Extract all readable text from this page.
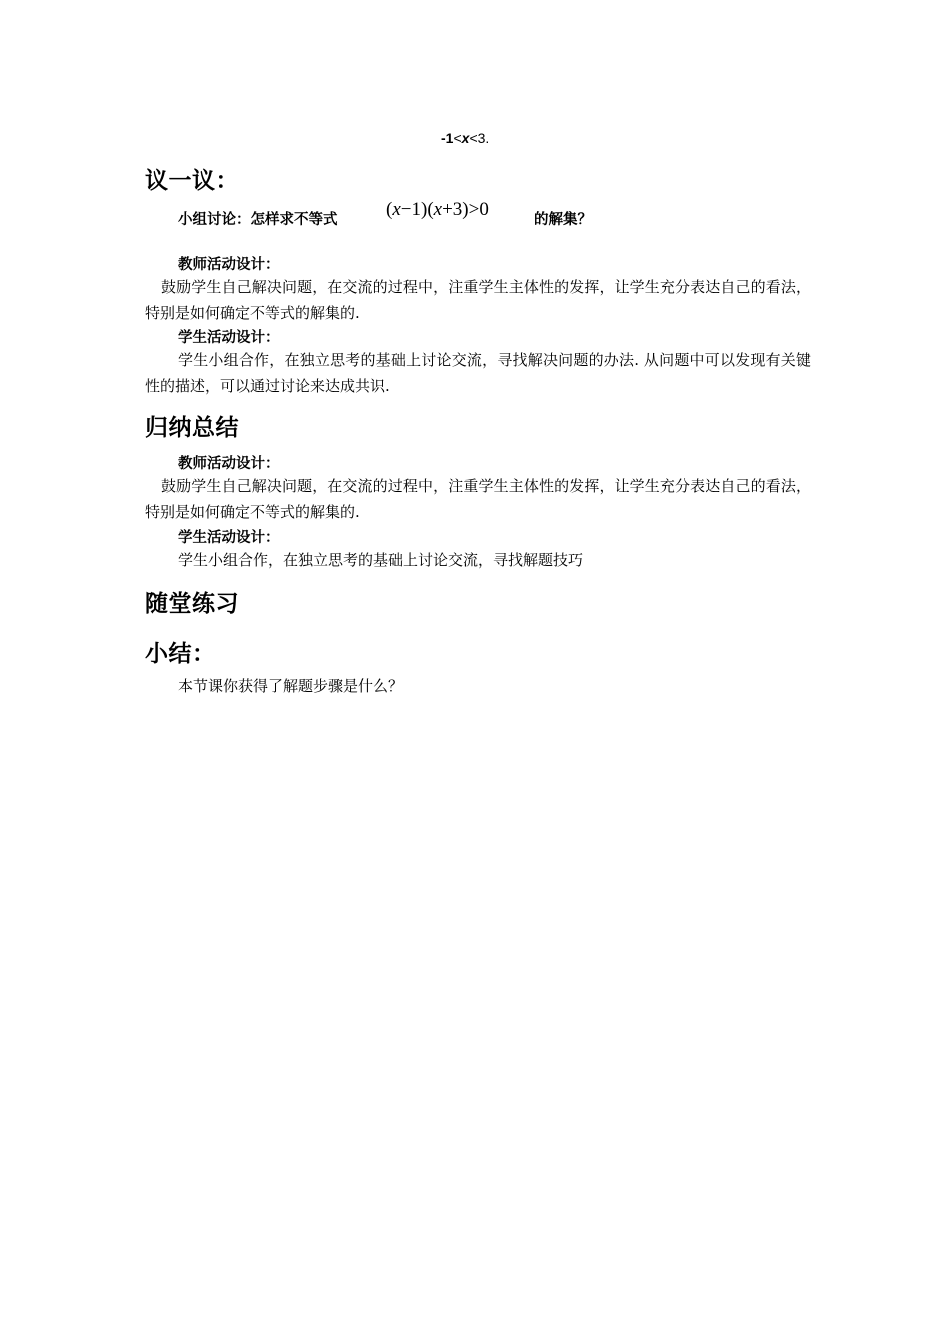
-1<x<3.
议一议：
小组讨论：怎样求不等式	(x−1)(x+3)>0	的解集？
教师活动设计：
鼓励学生自己解决问题，在交流的过程中，注重学生主体性的发挥，让学生充分表达自己的看法，特别是如何确定不等式的解集的.
学生活动设计：
学生小组合作，在独立思考的基础上讨论交流，寻找解决问题的办法. 从问题中可以发现有关键性的描述，可以通过讨论来达成共识.
归纳总结
教师活动设计：
鼓励学生自己解决问题，在交流的过程中，注重学生主体性的发挥，让学生充分表达自己的看法，特别是如何确定不等式的解集的.
学生活动设计：
学生小组合作，在独立思考的基础上讨论交流，寻找解题技巧
随堂练习
小结：
本节课你获得了解题步骤是什么？
